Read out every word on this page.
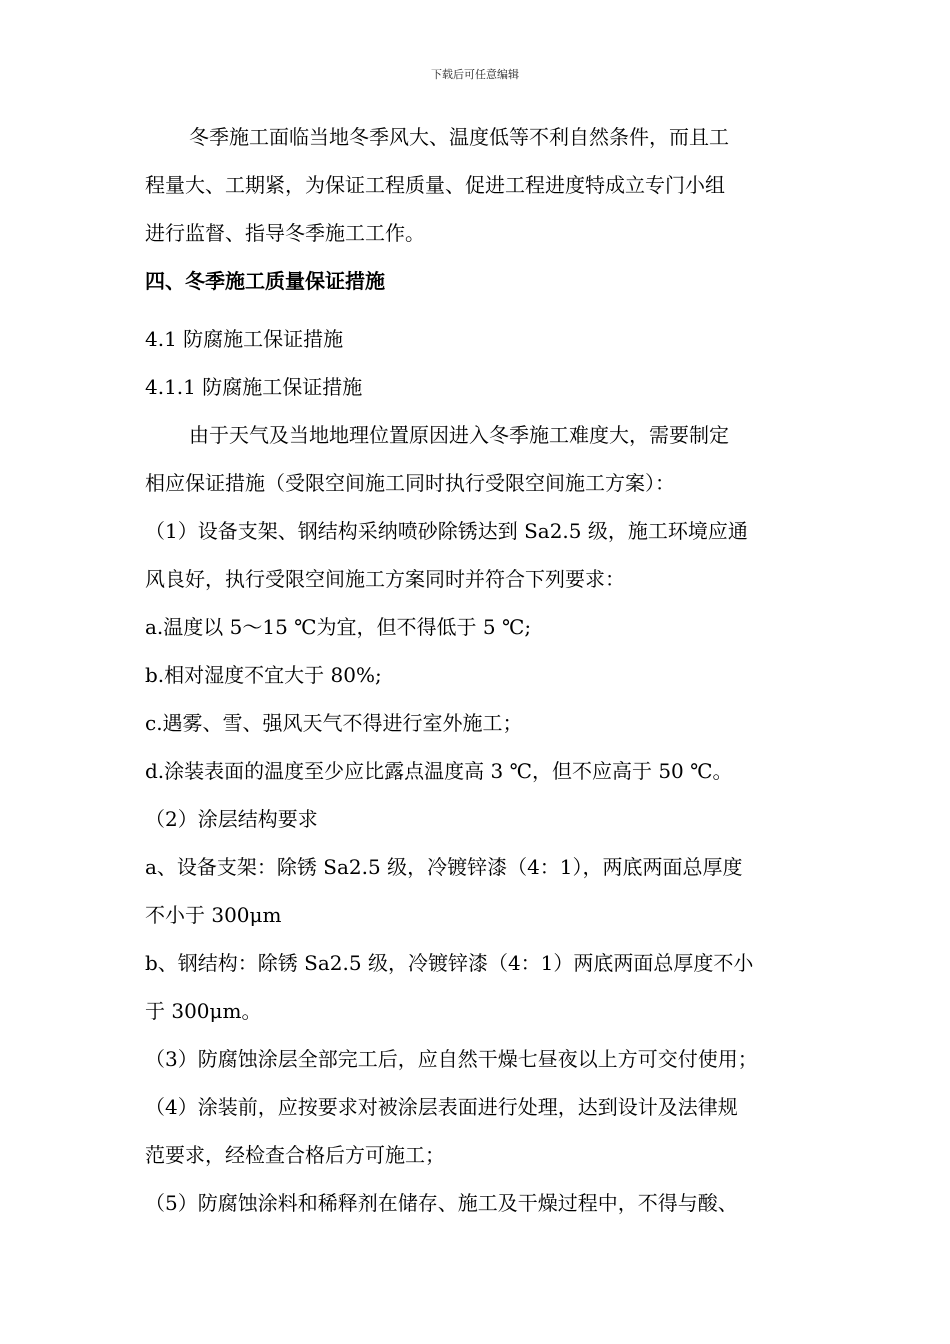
下载后可任意编辑
冬季施工面临当地冬季风大、温度低等不利自然条件，而且工
程量大、工期紧，为保证工程质量、促进工程进度特成立专门小组
进行监督、指导冬季施工工作。
四、冬季施工质量保证措施
4.1 防腐施工保证措施
4.1.1 防腐施工保证措施
由于天气及当地地理位置原因进入冬季施工难度大，需要制定
相应保证措施（受限空间施工同时执行受限空间施工方案）：
（1）设备支架、钢结构采纳喷砂除锈达到 Sa2.5 级，施工环境应通
风良好，执行受限空间施工方案同时并符合下列要求：
a.温度以 5～15 ℃为宜，但不得低于 5 ℃;
b.相对湿度不宜大于 80%;
c.遇雾、雪、强风天气不得进行室外施工；
d.涂装表面的温度至少应比露点温度高 3 ℃，但不应高于 50 ℃。
（2）涂层结构要求
a、设备支架：除锈 Sa2.5 级，冷镀锌漆（4：1），两底两面总厚度
不小于 300μm
b、钢结构：除锈 Sa2.5 级，冷镀锌漆（4：1）两底两面总厚度不小
于 300μm。
（3）防腐蚀涂层全部完工后，应自然干燥七昼夜以上方可交付使用；
（4）涂装前，应按要求对被涂层表面进行处理，达到设计及法律规
范要求，经检查合格后方可施工；
（5）防腐蚀涂料和稀释剂在储存、施工及干燥过程中，不得与酸、
